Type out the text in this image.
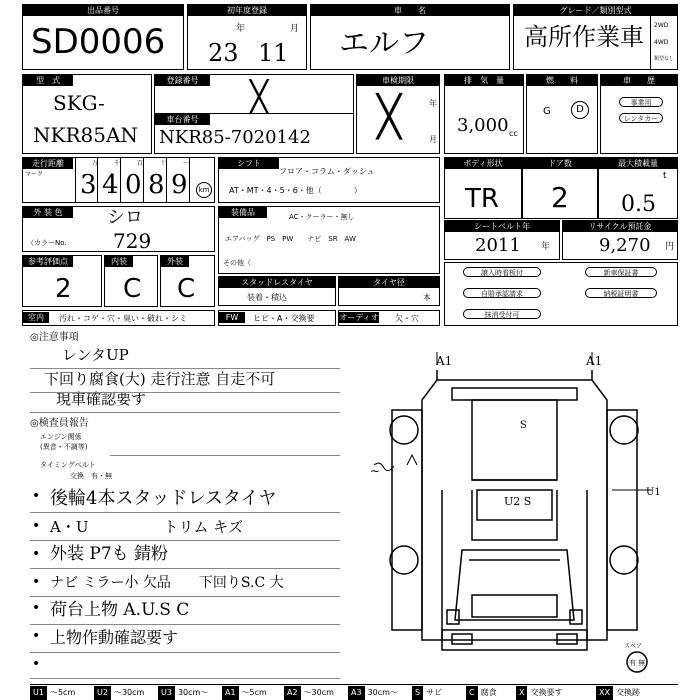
出品番号
SD0006
初年度登録
年	月
23 11
車　　名
エルフ
グレード／類別型式
高所作業車 2WD
4WD
類型なし
型　式
SKG-
NKR85AN
登録番号	╳
車台番号
NKR85-7020142
車検期限
年
月
╳
排　気　量
3,000 cc
燃　　料
G	D
車　　歴
事業用
レンタカー
走行距離
マーク
万
3
千
4
百
0
十
8
一
9	km
シフト
フロア・コラム・ダッシュ
AT・MT・4・5・6・他（　　　　）
ボディ形状
TR
ドア数
2
最大積載量
t
0.5
外 装 色	シロ
（カラーNo. 729
装備品	AC・クーラー・無し
エアバッグ　PS　PW　　ナビ　SR　AW
その他（
シートベルト年
2011 年
リサイクル預託金
9,270 円
参考評価点
2
内装
C
外装
C	スタッドレスタイヤ
装着・積込
タイヤ径
本
譲入時看板付	新車保証書
自賠承認請求	納税証明書
抹消受付可
室内	汚れ・コゲ・穴・臭い・破れ・シミ	FW	ヒビ・A・交換要	オーディオ 欠・穴
◎注意事項
レンタUP
下回り腐食(大) 走行注意 自走不可
現車確認要す
◎検査員報告
エンジン関係
(異音・不調等)
タイミングベルト
交換　有・無
• 後輪4本スタッドレスタイヤ
• A・U　　　　　トリム キズ
• 外装 P7も 錆粉
• ナビ ミラー小 欠品　　下回りS.C 大
• 荷台上物 A.U.S C
• 上物作動確認要す
•
A1	A1
S
U2 S
U1
∼
スペア
有 無
U1 ～5cm	U2 ～30cm	U3 30cm～	A1 ～5cm	A2 ～30cm	A3 30cm～	S サビ	C 腐食	X 交換要す	XX 交換跡
